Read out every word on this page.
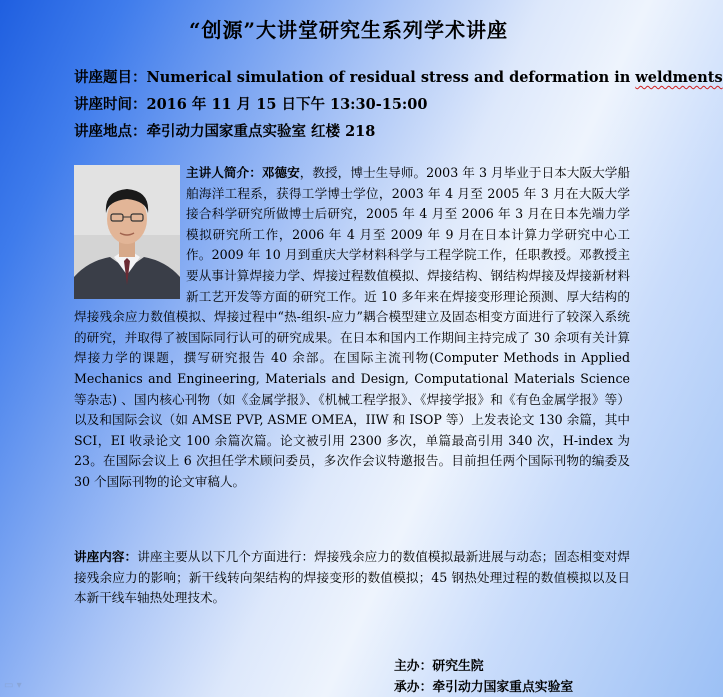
“创源”大讲堂研究生系列学术讲座
讲座题目：Numerical simulation of residual stress and deformation in weldments
讲座时间：2016 年 11 月 15 日下午 13:30-15:00
讲座地点：牵引动力国家重点实验室 红楼 218
主讲人简介：邓德安，教授，博士生导师。2003 年 3 月毕业于日本大阪大学船舶海洋工程系，获得工学博士学位，2003 年 4 月至 2005 年 3 月在大阪大学接合科学研究所做博士后研究，2005 年 4 月至 2006 年 3 月在日本先端力学模拟研究所工作，2006 年 4 月至 2009 年 9 月在日本计算力学研究中心工作。2009 年 10 月到重庆大学材料科学与工程学院工作，任职教授。邓教授主要从事计算焊接力学、焊接过程数值模拟、焊接结构、钢结构焊接及焊接新材料新工艺开发等方面的研究工作。近 10 多年来在焊接变形理论预测、厚大结构的焊接残余应力数值模拟、焊接过程中“热-组织-应力”耦合模型建立及固态相变方面进行了较深入系统的研究，并取得了被国际同行认可的研究成果。在日本和国内工作期间主持完成了 30 余项有关计算焊接力学的课题，撰写研究报告 40 余部。在国际主流刊物(Computer Methods in Applied Mechanics and Engineering, Materials and Design, Computational Materials Science 等杂志) 、国内核心刊物（如《金属学报》、《机械工程学报》、《焊接学报》和《有色金属学报》等）以及和国际会议（如 AMSE PVP, ASME OMEA，IIW 和 ISOP 等）上发表论文 130 余篇，其中 SCI，EI 收录论文 100 余篇次篇。论文被引用 2300 多次，单篇最高引用 340 次，H-index 为 23。在国际会议上 6 次担任学术顾问委员，多次作会议特邀报告。目前担任两个国际刊物的编委及 30 个国际刊物的论文审稿人。
讲座内容：讲座主要从以下几个方面进行：焊接残余应力的数值模拟最新进展与动态；固态相变对焊接残余应力的影响；新干线转向架结构的焊接变形的数值模拟；45 钢热处理过程的数值模拟以及日本新干线车轴热处理技术。
主办：研究生院
承办：牵引动力国家重点实验室
▭ ▾
